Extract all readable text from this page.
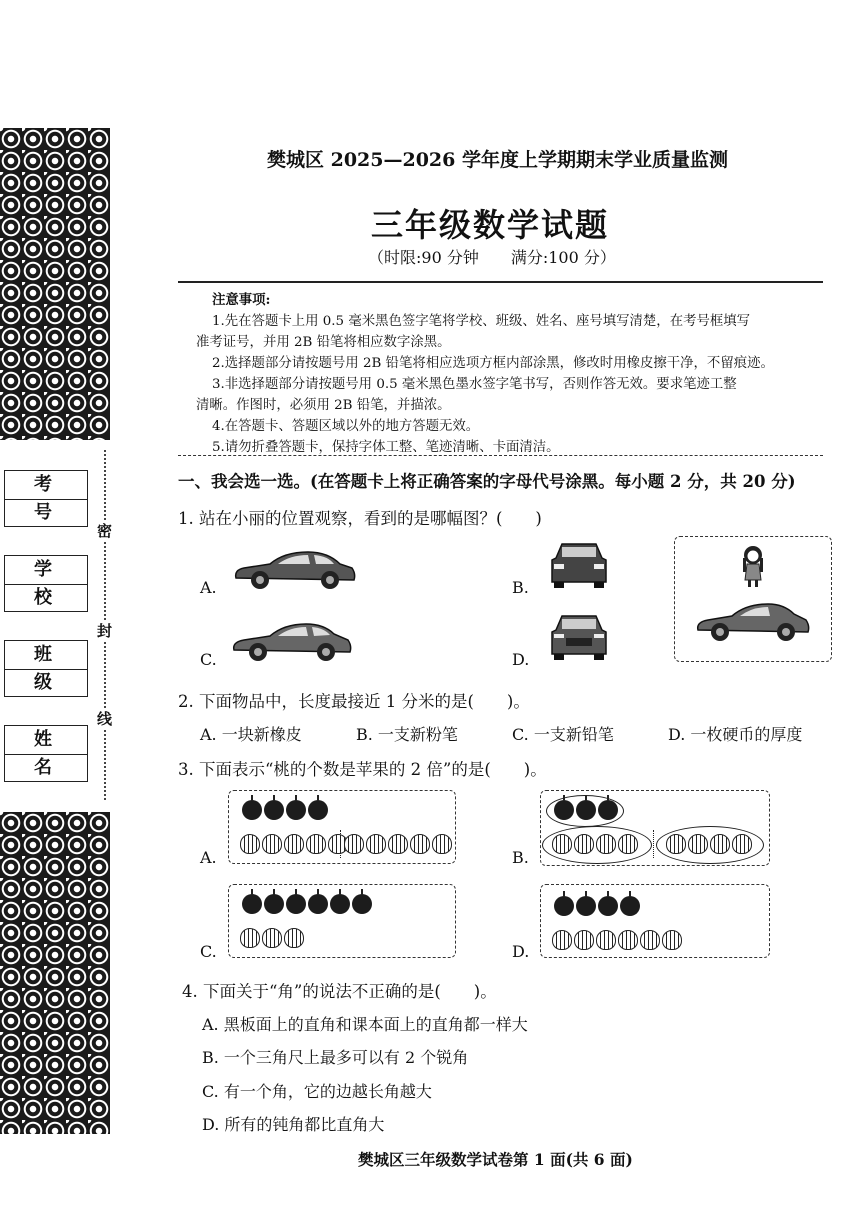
考 号
学 校
班 级
姓 名
密
封
线
樊城区 2025—2026 学年度上学期期末学业质量监测
三年级数学试题
（时限:90 分钟　　满分:100 分）
注意事项:
1.先在答题卡上用 0.5 毫米黑色签字笔将学校、班级、姓名、座号填写清楚，在考号框填写
准考证号，并用 2B 铅笔将相应数字涂黑。
2.选择题部分请按题号用 2B 铅笔将相应选项方框内部涂黑，修改时用橡皮擦干净，不留痕迹。
3.非选择题部分请按题号用 0.5 毫米黑色墨水签字笔书写，否则作答无效。要求笔迹工整
清晰。作图时，必须用 2B 铅笔，并描浓。
4.在答题卡、答题区域以外的地方答题无效。
5.请勿折叠答题卡，保持字体工整、笔迹清晰、卡面清洁。
一、我会选一选。(在答题卡上将正确答案的字母代号涂黑。每小题 2 分，共 20 分)
1. 站在小丽的位置观察，看到的是哪幅图？(　　)
A.	B.
C.	D.
2. 下面物品中，长度最接近 1 分米的是(　　)。
A. 一块新橡皮	B. 一支新粉笔	C. 一支新铅笔	D. 一枚硬币的厚度
3. 下面表示“桃的个数是苹果的 2 倍”的是(　　)。
A.	B.
C.	D.
4. 下面关于“角”的说法不正确的是(　　)。
A. 黑板面上的直角和课本面上的直角都一样大
B. 一个三角尺上最多可以有 2 个锐角
C. 有一个角，它的边越长角越大
D. 所有的钝角都比直角大
樊城区三年级数学试卷第 1 面(共 6 面)
